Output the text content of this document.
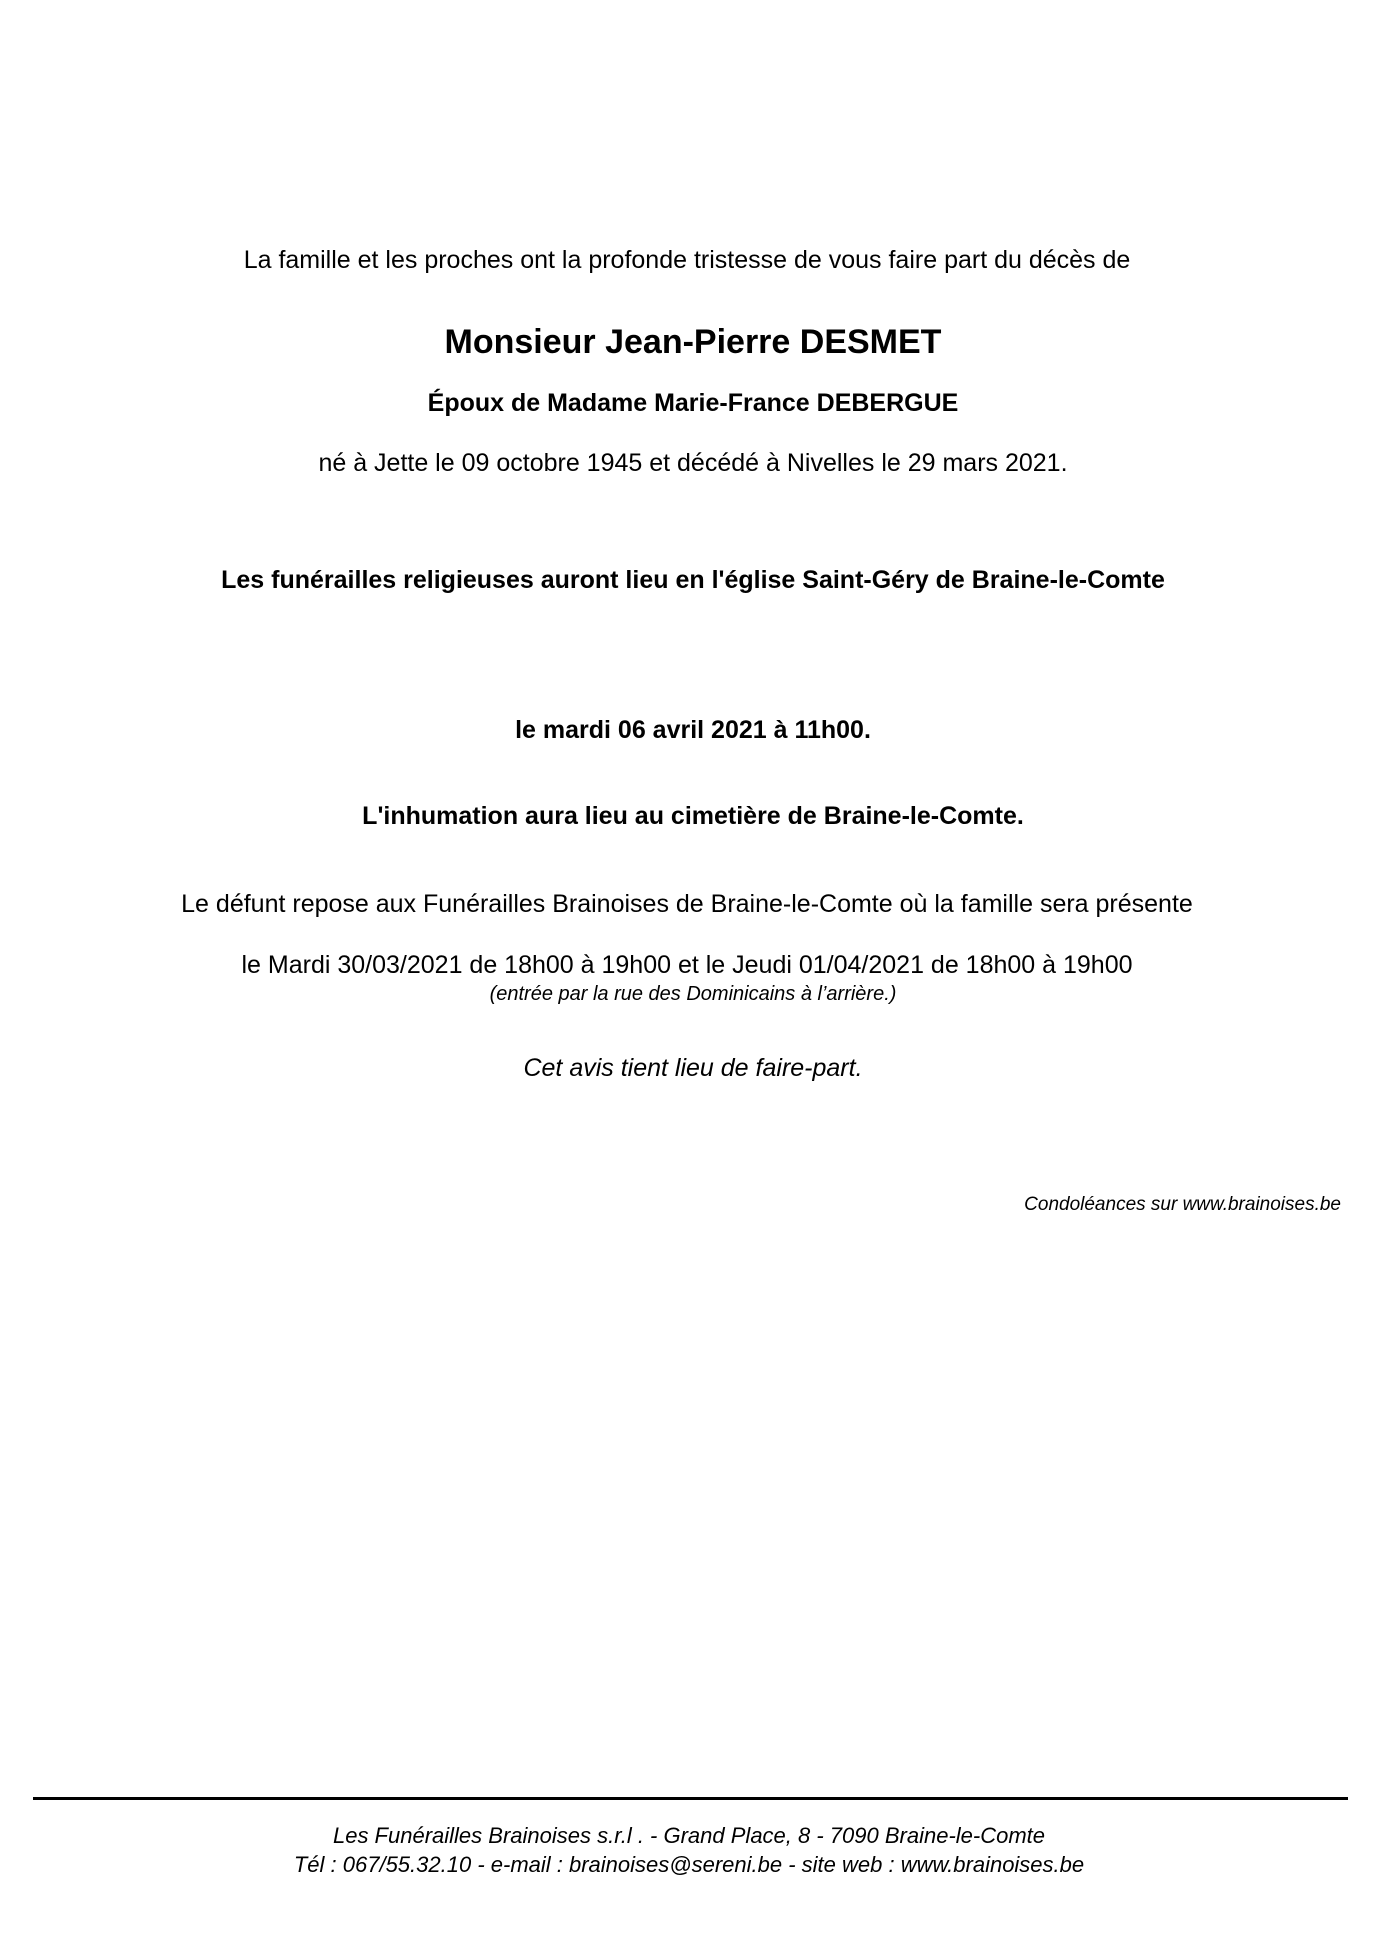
La famille et les proches ont la profonde tristesse de vous faire part du décès de
Monsieur Jean-Pierre DESMET
Époux de Madame Marie-France DEBERGUE
né à Jette le 09 octobre 1945 et décédé à Nivelles le 29 mars 2021.
Les funérailles religieuses auront lieu en l'église Saint-Géry de Braine-le-Comte
le mardi 06 avril 2021 à 11h00.
L'inhumation aura lieu au cimetière de Braine-le-Comte.
Le défunt repose aux Funérailles Brainoises de Braine-le-Comte où la famille sera présente
le Mardi 30/03/2021 de 18h00 à 19h00 et le Jeudi 01/04/2021 de 18h00 à 19h00
(entrée par la rue des Dominicains à l’arrière.)
Cet avis tient lieu de faire-part.
Condoléances sur www.brainoises.be
Les Funérailles Brainoises s.r.l . - Grand Place, 8 - 7090 Braine-le-Comte
Tél : 067/55.32.10 - e-mail : brainoises@sereni.be - site web : www.brainoises.be
